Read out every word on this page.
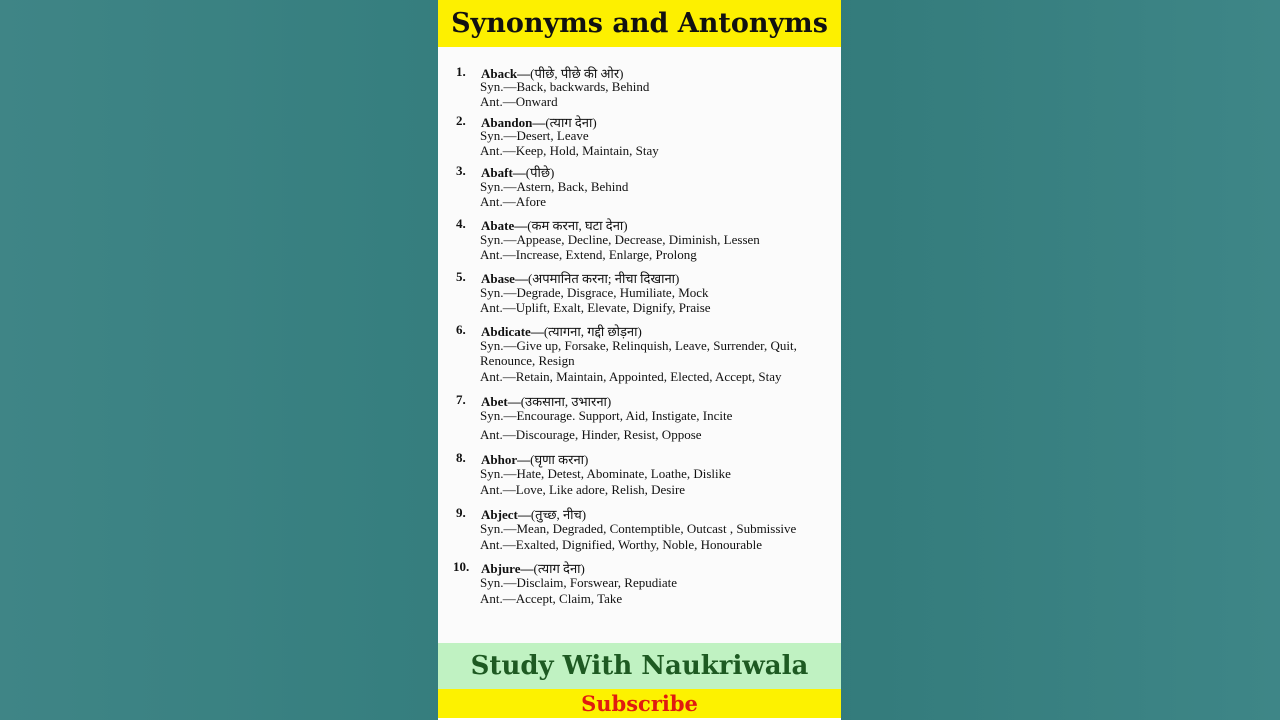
Synonyms and Antonyms
1. Aback—(पीछे, पीछे की ओर)
Syn.—Back, backwards, Behind
Ant.—Onward
2. Abandon—(त्याग देना)
Syn.—Desert, Leave
Ant.—Keep, Hold, Maintain, Stay
3. Abaft—(पीछे)
Syn.—Astern, Back, Behind
Ant.—Afore
4. Abate—(कम करना, घटा देना)
Syn.—Appease, Decline, Decrease, Diminish, Lessen
Ant.—Increase, Extend, Enlarge, Prolong
5. Abase—(अपमानित करना; नीचा दिखाना)
Syn.—Degrade, Disgrace, Humiliate, Mock
Ant.—Uplift, Exalt, Elevate, Dignify, Praise
6. Abdicate—(त्यागना, गद्दी छोड़ना)
Syn.—Give up, Forsake, Relinquish, Leave, Surrender, Quit,
Renounce, Resign
Ant.—Retain, Maintain, Appointed, Elected, Accept, Stay
7. Abet—(उकसाना, उभारना)
Syn.—Encourage. Support, Aid, Instigate, Incite
Ant.—Discourage, Hinder, Resist, Oppose
8. Abhor—(घृणा करना)
Syn.—Hate, Detest, Abominate, Loathe, Dislike
Ant.—Love, Like adore, Relish, Desire
9. Abject—(तुच्छ, नीच)
Syn.—Mean, Degraded, Contemptible, Outcast , Submissive
Ant.—Exalted, Dignified, Worthy, Noble, Honourable
10. Abjure—(त्याग देना)
Syn.—Disclaim, Forswear, Repudiate
Ant.—Accept, Claim, Take
Study With Naukriwala
Subscribe
